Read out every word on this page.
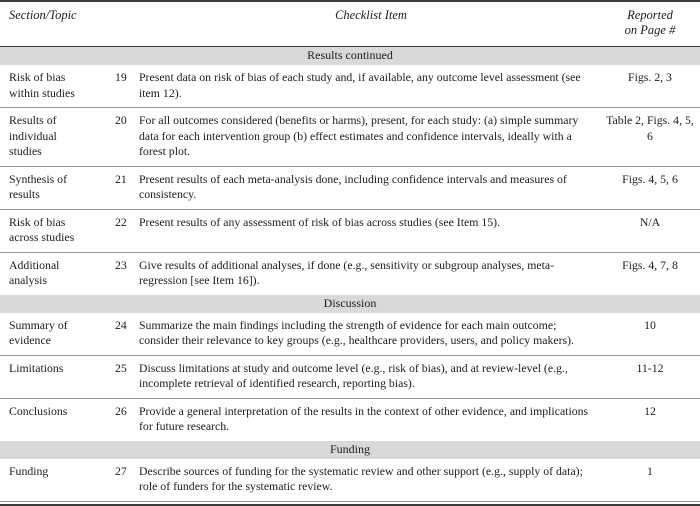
Section/Topic		Checklist Item	Reported
on Page #

Results continued			
Risk of bias within studies	19	Present data on risk of bias of each study and, if available, any outcome level assessment (see item 12).	Figs. 2, 3
Results of individual studies	20	For all outcomes considered (benefits or harms), present, for each study: (a) simple summary data for each intervention group (b) effect estimates and confidence intervals, ideally with a forest plot.	Table 2, Figs. 4, 5, 6
Synthesis of results	21	Present results of each meta-analysis done, including confidence intervals and measures of consistency.	Figs. 4, 5, 6
Risk of bias across studies	22	Present results of any assessment of risk of bias across studies (see Item 15).	N/A
Additional analysis	23	Give results of additional analyses, if done (e.g., sensitivity or subgroup analyses, meta-regression [see Item 16]).	Figs. 4, 7, 8
Discussion			
Summary of evidence	24	Summarize the main findings including the strength of evidence for each main outcome; consider their relevance to key groups (e.g., healthcare providers, users, and policy makers).	10
Limitations	25	Discuss limitations at study and outcome level (e.g., risk of bias), and at review-level (e.g., incomplete retrieval of identified research, reporting bias).	11-12
Conclusions	26	Provide a general interpretation of the results in the context of other evidence, and implications for future research.	12
Funding			
Funding	27	Describe sources of funding for the systematic review and other support (e.g., supply of data); role of funders for the systematic review.	1
